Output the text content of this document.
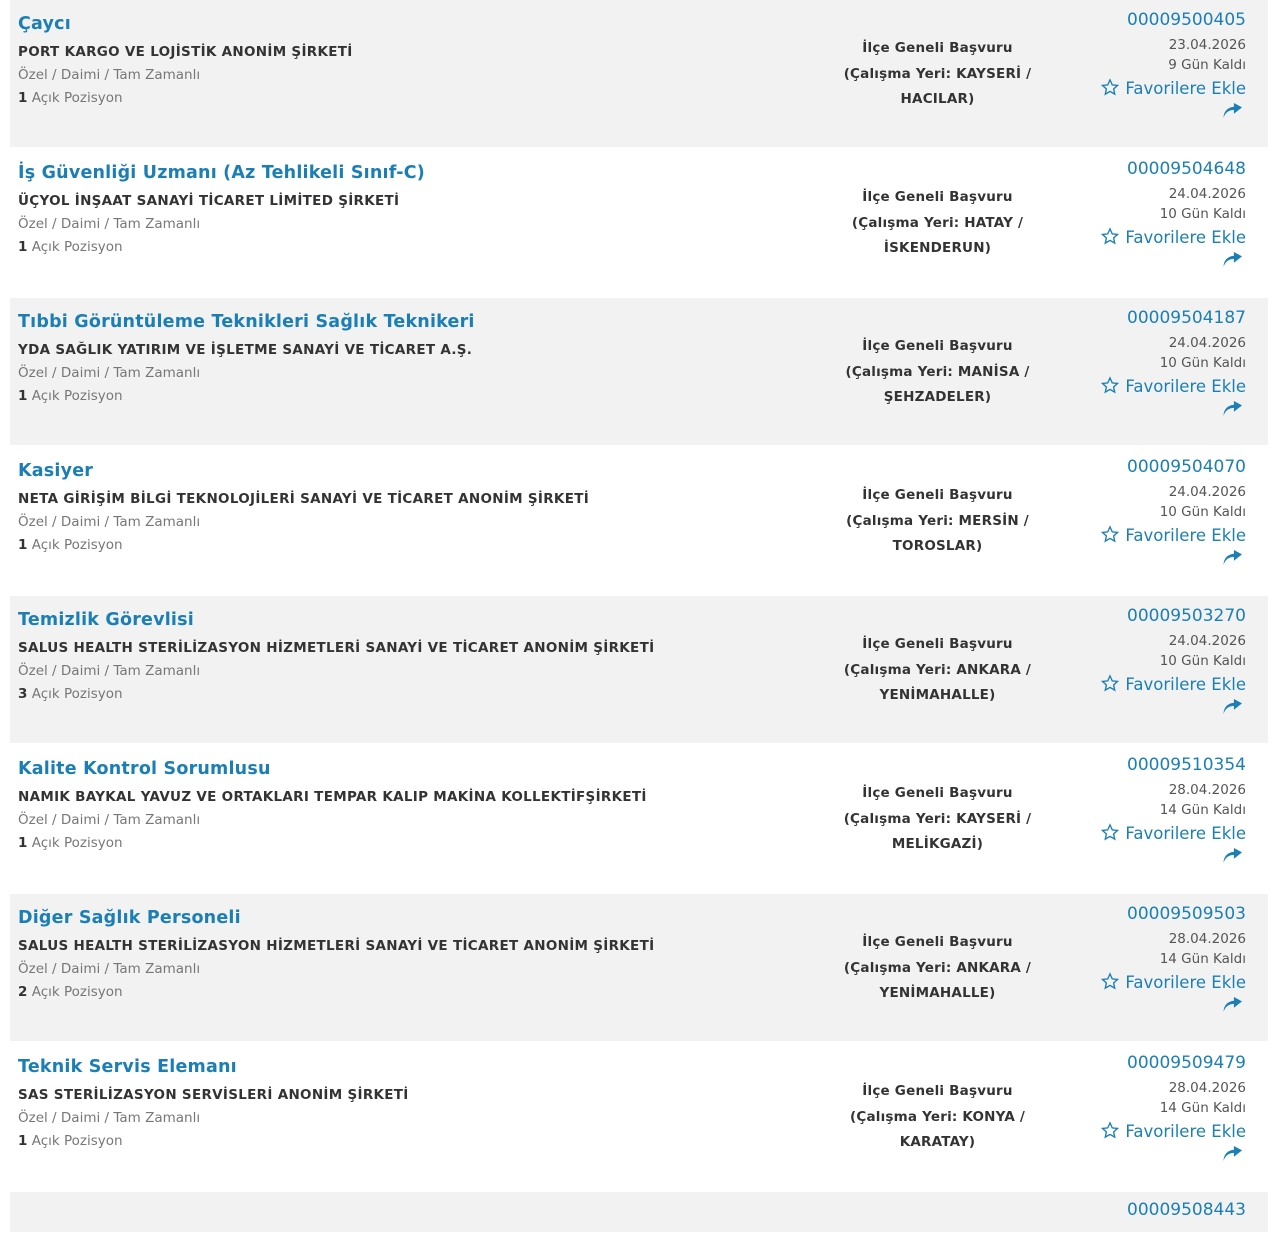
Çaycı
PORT KARGO VE LOJİSTİK ANONİM ŞİRKETİ
Özel / Daimi / Tam Zamanlı
1 Açık Pozisyon
İlçe Geneli Başvuru
(Çalışma Yeri: KAYSERİ /
HACILAR)
00009500405
23.04.2026
9 Gün Kaldı
Favorilere Ekle
İş Güvenliği Uzmanı (Az Tehlikeli Sınıf-C)
ÜÇYOL İNŞAAT SANAYİ TİCARET LİMİTED ŞİRKETİ
Özel / Daimi / Tam Zamanlı
1 Açık Pozisyon
İlçe Geneli Başvuru
(Çalışma Yeri: HATAY /
İSKENDERUN)
00009504648
24.04.2026
10 Gün Kaldı
Favorilere Ekle
Tıbbi Görüntüleme Teknikleri Sağlık Teknikeri
YDA SAĞLIK YATIRIM VE İŞLETME SANAYİ VE TİCARET A.Ş.
Özel / Daimi / Tam Zamanlı
1 Açık Pozisyon
İlçe Geneli Başvuru
(Çalışma Yeri: MANİSA /
ŞEHZADELER)
00009504187
24.04.2026
10 Gün Kaldı
Favorilere Ekle
Kasiyer
NETA GİRİŞİM BİLGİ TEKNOLOJİLERİ SANAYİ VE TİCARET ANONİM ŞİRKETİ
Özel / Daimi / Tam Zamanlı
1 Açık Pozisyon
İlçe Geneli Başvuru
(Çalışma Yeri: MERSİN /
TOROSLAR)
00009504070
24.04.2026
10 Gün Kaldı
Favorilere Ekle
Temizlik Görevlisi
SALUS HEALTH STERİLİZASYON HİZMETLERİ SANAYİ VE TİCARET ANONİM ŞİRKETİ
Özel / Daimi / Tam Zamanlı
3 Açık Pozisyon
İlçe Geneli Başvuru
(Çalışma Yeri: ANKARA /
YENİMAHALLE)
00009503270
24.04.2026
10 Gün Kaldı
Favorilere Ekle
Kalite Kontrol Sorumlusu
NAMIK BAYKAL YAVUZ VE ORTAKLARI TEMPAR KALIP MAKİNA KOLLEKTİFŞİRKETİ
Özel / Daimi / Tam Zamanlı
1 Açık Pozisyon
İlçe Geneli Başvuru
(Çalışma Yeri: KAYSERİ /
MELİKGAZİ)
00009510354
28.04.2026
14 Gün Kaldı
Favorilere Ekle
Diğer Sağlık Personeli
SALUS HEALTH STERİLİZASYON HİZMETLERİ SANAYİ VE TİCARET ANONİM ŞİRKETİ
Özel / Daimi / Tam Zamanlı
2 Açık Pozisyon
İlçe Geneli Başvuru
(Çalışma Yeri: ANKARA /
YENİMAHALLE)
00009509503
28.04.2026
14 Gün Kaldı
Favorilere Ekle
Teknik Servis Elemanı
SAS STERİLİZASYON SERVİSLERİ ANONİM ŞİRKETİ
Özel / Daimi / Tam Zamanlı
1 Açık Pozisyon
İlçe Geneli Başvuru
(Çalışma Yeri: KONYA /
KARATAY)
00009509479
28.04.2026
14 Gün Kaldı
Favorilere Ekle
00009508443
